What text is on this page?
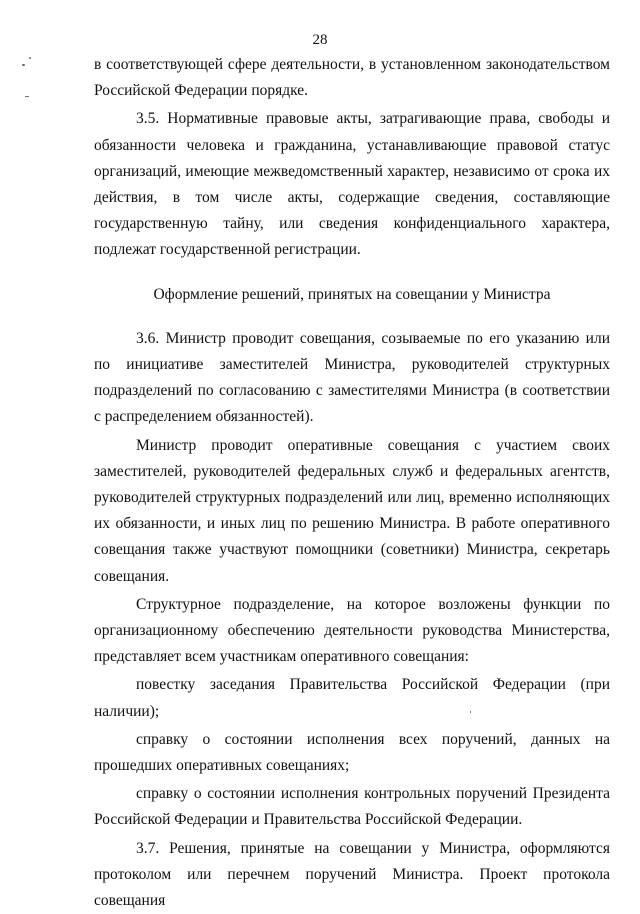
28

в соответствующей сфере деятельности, в установленном законодательством Российской Федерации порядке.

3.5. Нормативные правовые акты, затрагивающие права, свободы и обязанности человека и гражданина, устанавливающие правовой статус организаций, имеющие межведомственный характер, независимо от срока их действия, в том числе акты, содержащие сведения, составляющие государственную тайну, или сведения конфиденциального характера, подлежат государственной регистрации.

Оформление решений, принятых на совещании у Министра

3.6. Министр проводит совещания, созываемые по его указанию или по инициативе заместителей Министра, руководителей структурных подразделений по согласованию с заместителями Министра (в соответствии с распределением обязанностей).

Министр проводит оперативные совещания с участием своих заместителей, руководителей федеральных служб и федеральных агентств, руководителей структурных подразделений или лиц, временно исполняющих их обязанности, и иных лиц по решению Министра. В работе оперативного совещания также участвуют помощники (советники) Министра, секретарь совещания.

Структурное подразделение, на которое возложены функции по организационному обеспечению деятельности руководства Министерства, представляет всем участникам оперативного совещания:

повестку заседания Правительства Российской Федерации (при наличии);

справку о состоянии исполнения всех поручений, данных на прошедших оперативных совещаниях;

справку о состоянии исполнения контрольных поручений Президента Российской Федерации и Правительства Российской Федерации.

3.7. Решения, принятые на совещании у Министра, оформляются протоколом или перечнем поручений Министра. Проект протокола совещания
